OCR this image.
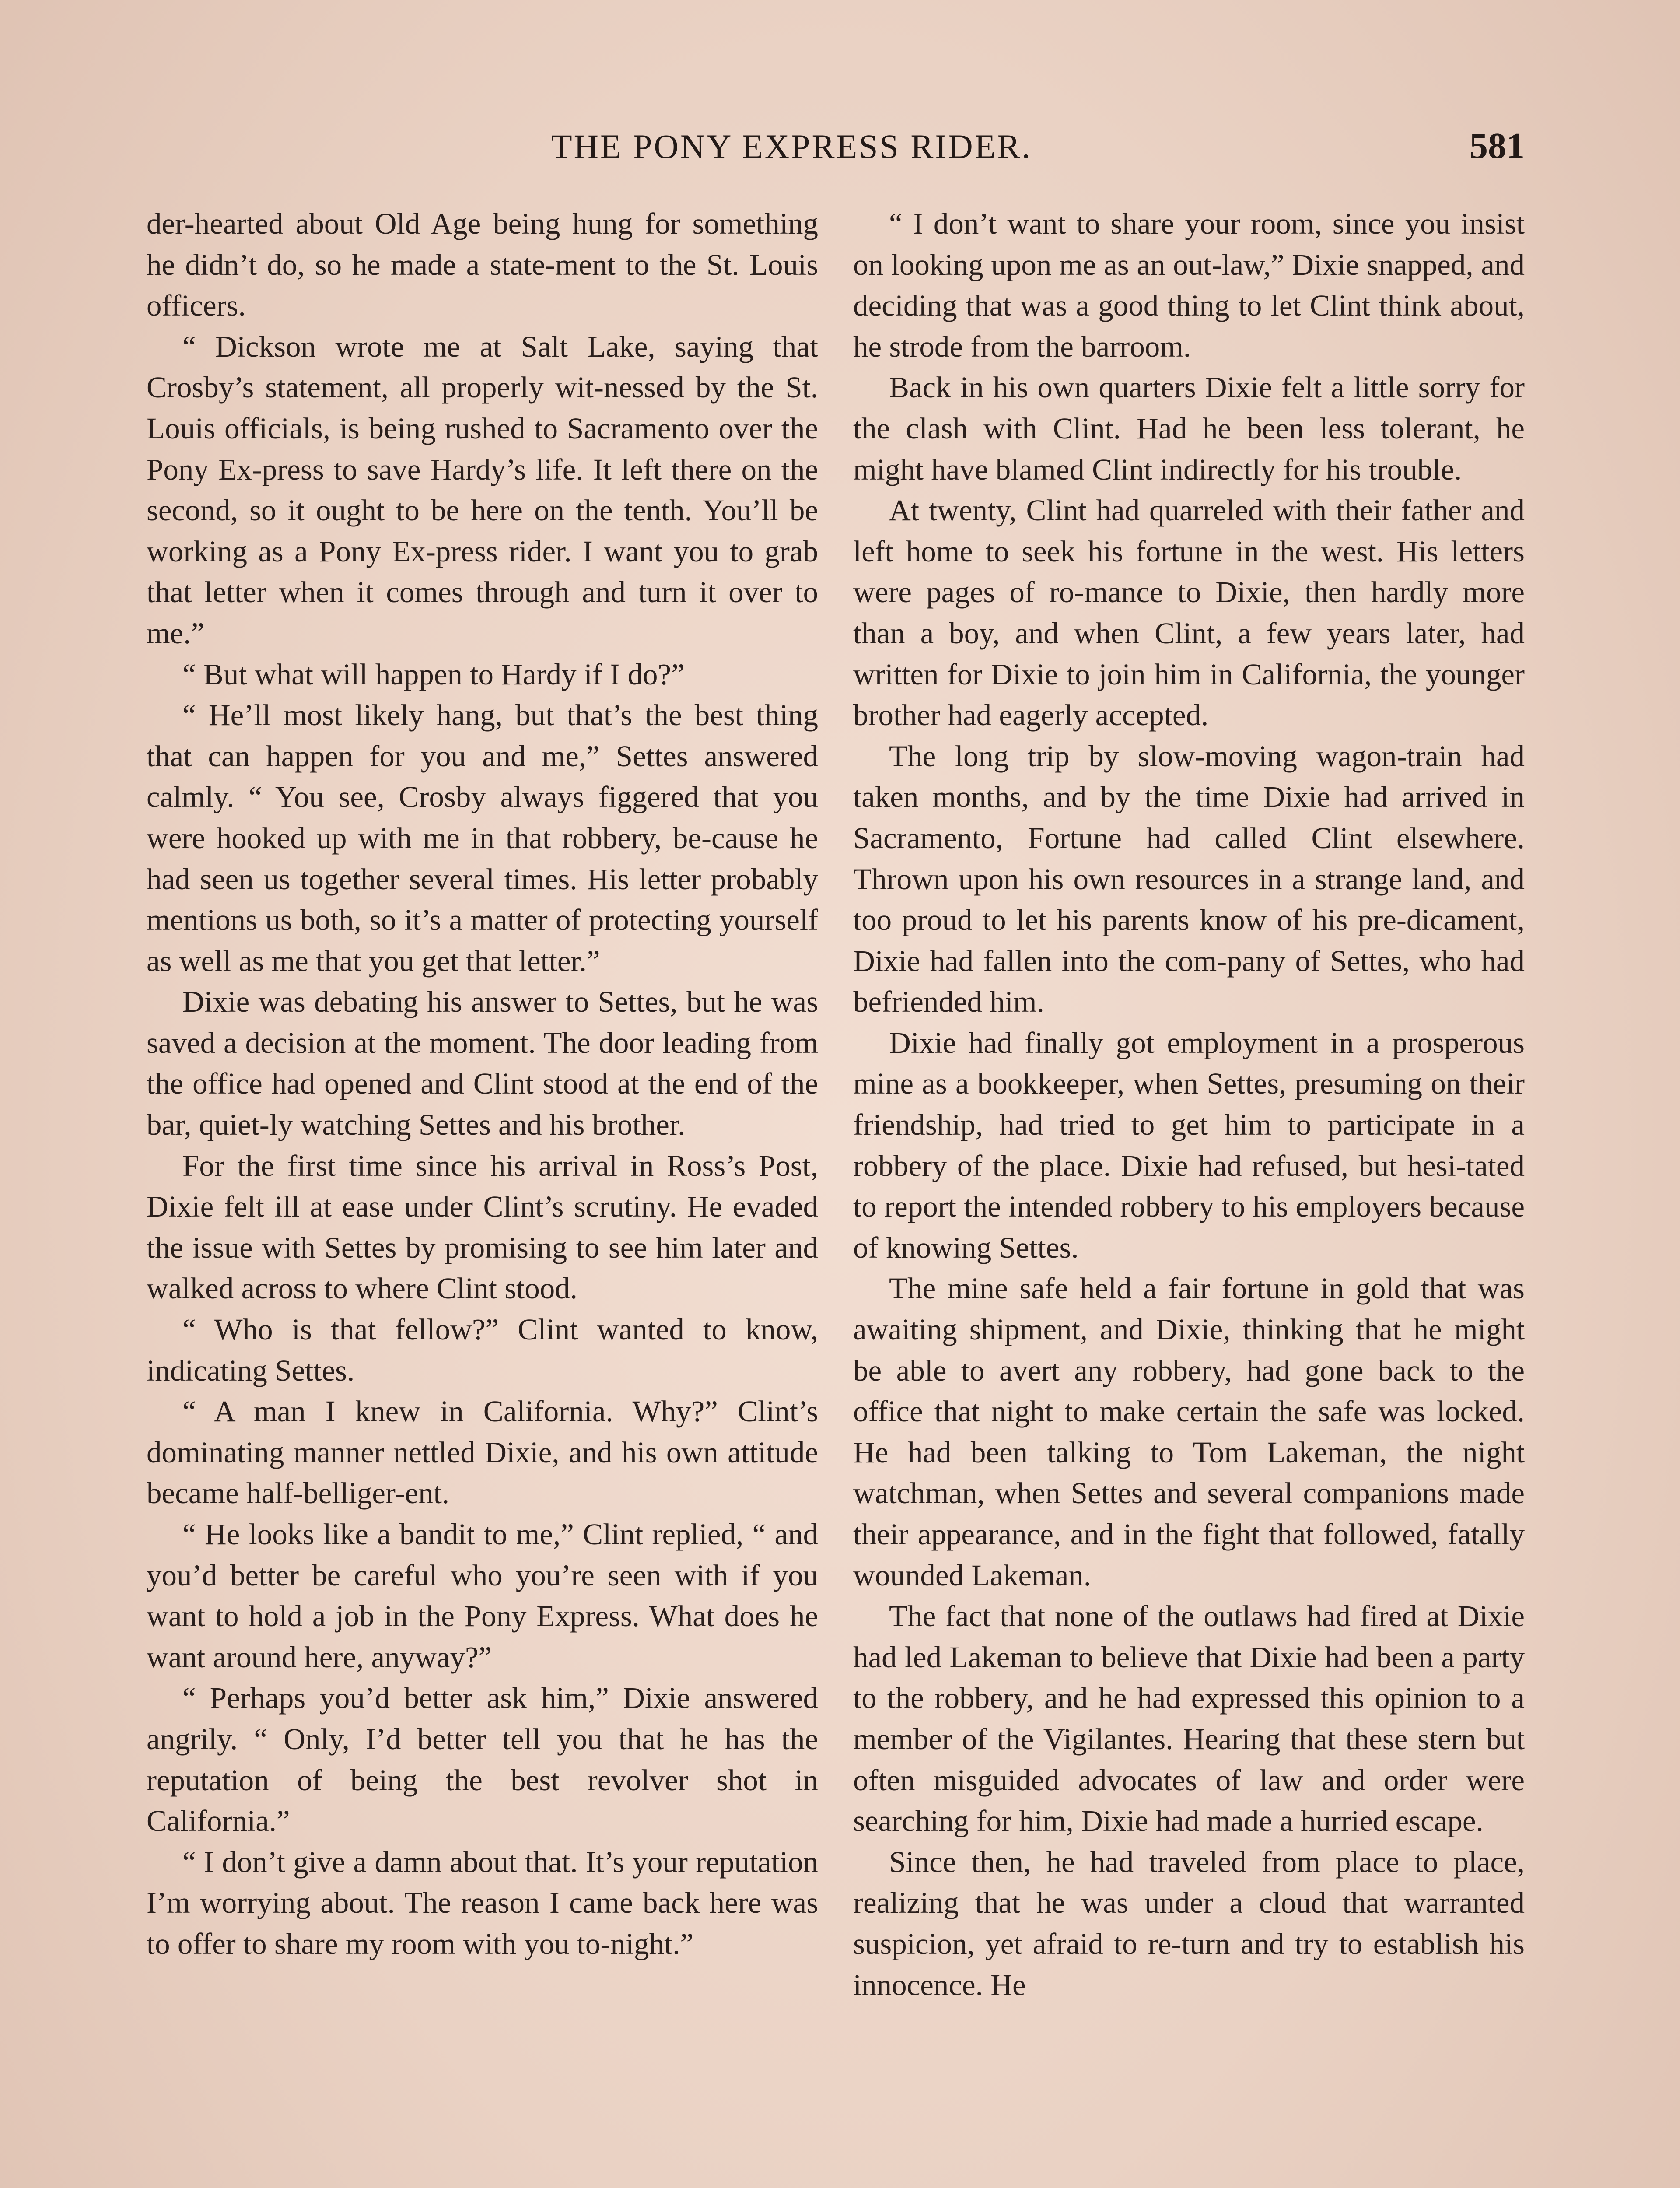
THE PONY EXPRESS RIDER.	581

der-hearted about Old Age being hung for something he didn’t do, so he made a state-ment to the St. Louis officers.

“ Dickson wrote me at Salt Lake, saying that Crosby’s statement, all properly wit-nessed by the St. Louis officials, is being rushed to Sacramento over the Pony Ex-press to save Hardy’s life. It left there on the second, so it ought to be here on the tenth. You’ll be working as a Pony Ex-press rider. I want you to grab that letter when it comes through and turn it over to me.”

“ But what will happen to Hardy if I do?”

“ He’ll most likely hang, but that’s the best thing that can happen for you and me,” Settes answered calmly. “ You see, Crosby always figgered that you were hooked up with me in that robbery, be-cause he had seen us together several times. His letter probably mentions us both, so it’s a matter of protecting yourself as well as me that you get that letter.”

Dixie was debating his answer to Settes, but he was saved a decision at the moment. The door leading from the office had opened and Clint stood at the end of the bar, quiet-ly watching Settes and his brother.

For the first time since his arrival in Ross’s Post, Dixie felt ill at ease under Clint’s scrutiny. He evaded the issue with Settes by promising to see him later and walked across to where Clint stood.

“ Who is that fellow?” Clint wanted to know, indicating Settes.

“ A man I knew in California. Why?” Clint’s dominating manner nettled Dixie, and his own attitude became half-belliger-ent.

“ He looks like a bandit to me,” Clint replied, “ and you’d better be careful who you’re seen with if you want to hold a job in the Pony Express. What does he want around here, anyway?”

“ Perhaps you’d better ask him,” Dixie answered angrily. “ Only, I’d better tell you that he has the reputation of being the best revolver shot in California.”

“ I don’t give a damn about that. It’s your reputation I’m worrying about. The reason I came back here was to offer to share my room with you to-night.”

“ I don’t want to share your room, since you insist on looking upon me as an out-law,” Dixie snapped, and deciding that was a good thing to let Clint think about, he strode from the barroom.

Back in his own quarters Dixie felt a little sorry for the clash with Clint. Had he been less tolerant, he might have blamed Clint indirectly for his trouble.

At twenty, Clint had quarreled with their father and left home to seek his fortune in the west. His letters were pages of ro-mance to Dixie, then hardly more than a boy, and when Clint, a few years later, had written for Dixie to join him in California, the younger brother had eagerly accepted.

The long trip by slow-moving wagon-train had taken months, and by the time Dixie had arrived in Sacramento, Fortune had called Clint elsewhere. Thrown upon his own resources in a strange land, and too proud to let his parents know of his pre-dicament, Dixie had fallen into the com-pany of Settes, who had befriended him.

Dixie had finally got employment in a prosperous mine as a bookkeeper, when Settes, presuming on their friendship, had tried to get him to participate in a robbery of the place. Dixie had refused, but hesi-tated to report the intended robbery to his employers because of knowing Settes.

The mine safe held a fair fortune in gold that was awaiting shipment, and Dixie, thinking that he might be able to avert any robbery, had gone back to the office that night to make certain the safe was locked. He had been talking to Tom Lakeman, the night watchman, when Settes and several companions made their appearance, and in the fight that followed, fatally wounded Lakeman.

The fact that none of the outlaws had fired at Dixie had led Lakeman to believe that Dixie had been a party to the robbery, and he had expressed this opinion to a member of the Vigilantes. Hearing that these stern but often misguided advocates of law and order were searching for him, Dixie had made a hurried escape.

Since then, he had traveled from place to place, realizing that he was under a cloud that warranted suspicion, yet afraid to re-turn and try to establish his innocence. He
